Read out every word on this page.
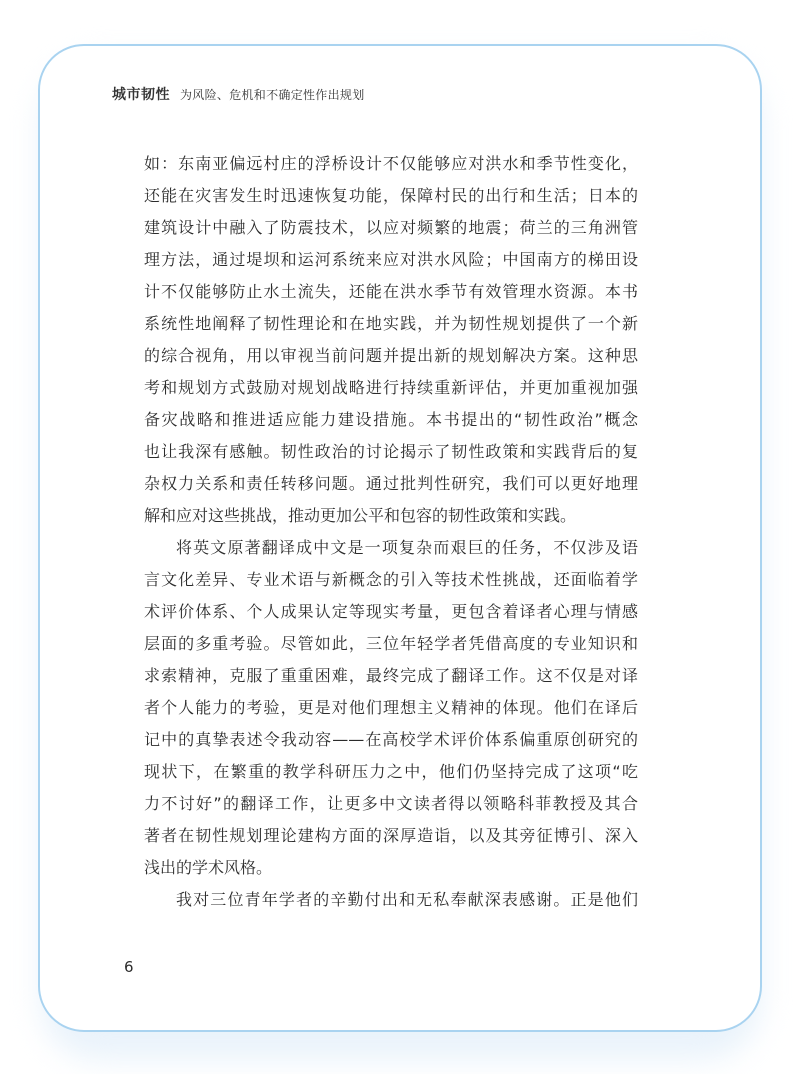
城市韧性 为风险、危机和不确定性作出规划
如：东南亚偏远村庄的浮桥设计不仅能够应对洪水和季节性变化，
还能在灾害发生时迅速恢复功能，保障村民的出行和生活；日本的
建筑设计中融入了防震技术，以应对频繁的地震；荷兰的三角洲管
理方法，通过堤坝和运河系统来应对洪水风险；中国南方的梯田设
计不仅能够防止水土流失，还能在洪水季节有效管理水资源。本书
系统性地阐释了韧性理论和在地实践，并为韧性规划提供了一个新
的综合视角，用以审视当前问题并提出新的规划解决方案。这种思
考和规划方式鼓励对规划战略进行持续重新评估，并更加重视加强
备灾战略和推进适应能力建设措施。本书提出的“韧性政治”概念
也让我深有感触。韧性政治的讨论揭示了韧性政策和实践背后的复
杂权力关系和责任转移问题。通过批判性研究，我们可以更好地理
解和应对这些挑战，推动更加公平和包容的韧性政策和实践。
将英文原著翻译成中文是一项复杂而艰巨的任务，不仅涉及语
言文化差异、专业术语与新概念的引入等技术性挑战，还面临着学
术评价体系、个人成果认定等现实考量，更包含着译者心理与情感
层面的多重考验。尽管如此，三位年轻学者凭借高度的专业知识和
求索精神，克服了重重困难，最终完成了翻译工作。这不仅是对译
者个人能力的考验，更是对他们理想主义精神的体现。他们在译后
记中的真挚表述令我动容——在高校学术评价体系偏重原创研究的
现状下，在繁重的教学科研压力之中，他们仍坚持完成了这项“吃
力不讨好”的翻译工作，让更多中文读者得以领略科菲教授及其合
著者在韧性规划理论建构方面的深厚造诣，以及其旁征博引、深入
浅出的学术风格。
我对三位青年学者的辛勤付出和无私奉献深表感谢。正是他们
6
